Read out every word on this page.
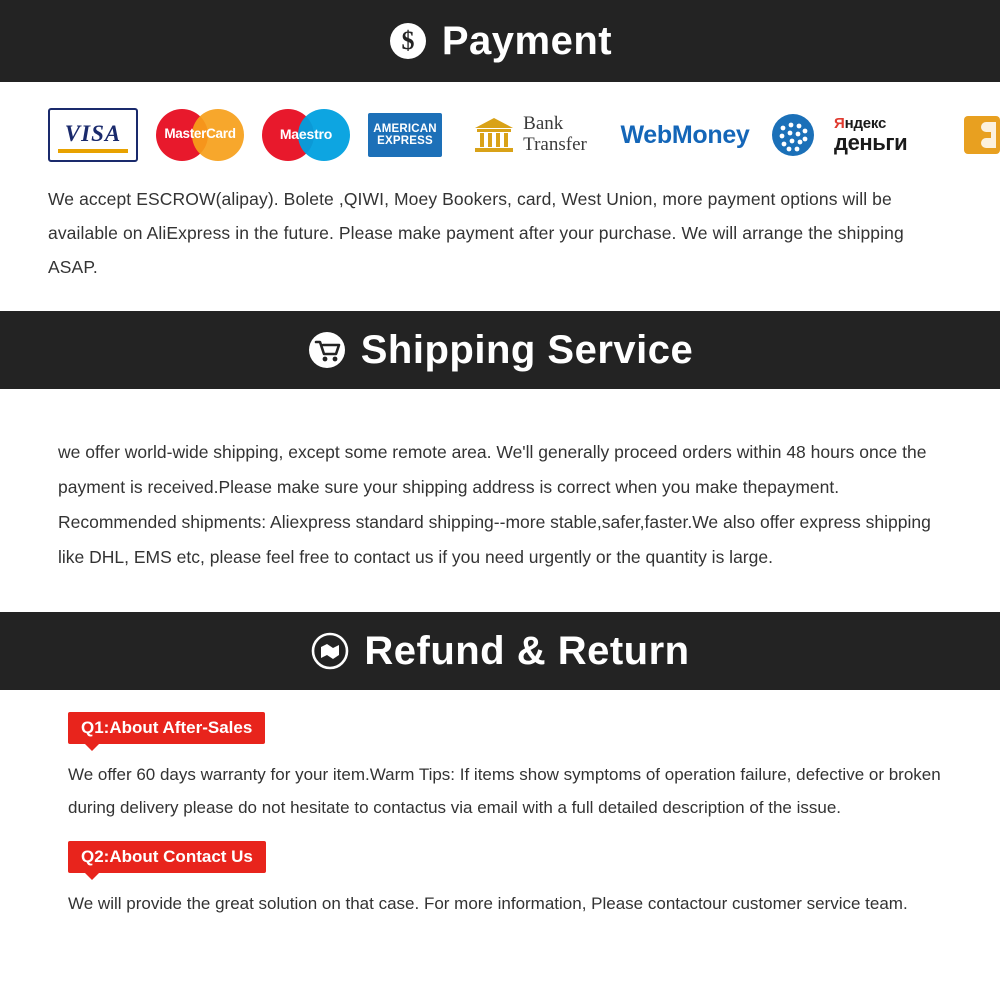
$ Payment
VISA	MasterCard	Maestro	AMERICAN
EXPRESS
Bank
Transfer WebMoney	Яндекс
деньги

We accept ESCROW(alipay). Bolete ,QIWI, Moey Bookers, card, West Union, more payment options will be available on AliExpress in the future. Please make payment after your purchase. We will arrange the shipping ASAP.

Shipping Service

we offer world-wide shipping, except some remote area. We'll generally proceed orders within 48 hours once the payment is received.Please make sure your shipping address is correct when you make thepayment. Recommended shipments: Aliexpress standard shipping--more stable,safer,faster.We also offer express shipping like DHL, EMS etc, please feel free to contact us if you need urgently or the quantity is large.

Refund & Return
Q1:About After-Sales

We offer 60 days warranty for your item.Warm Tips: If items show symptoms of operation failure, defective or broken during delivery please do not hesitate to contactus via email with a full detailed description of the issue.

Q2:About Contact Us

We will provide the great solution on that case. For more information, Please contactour customer service team.
